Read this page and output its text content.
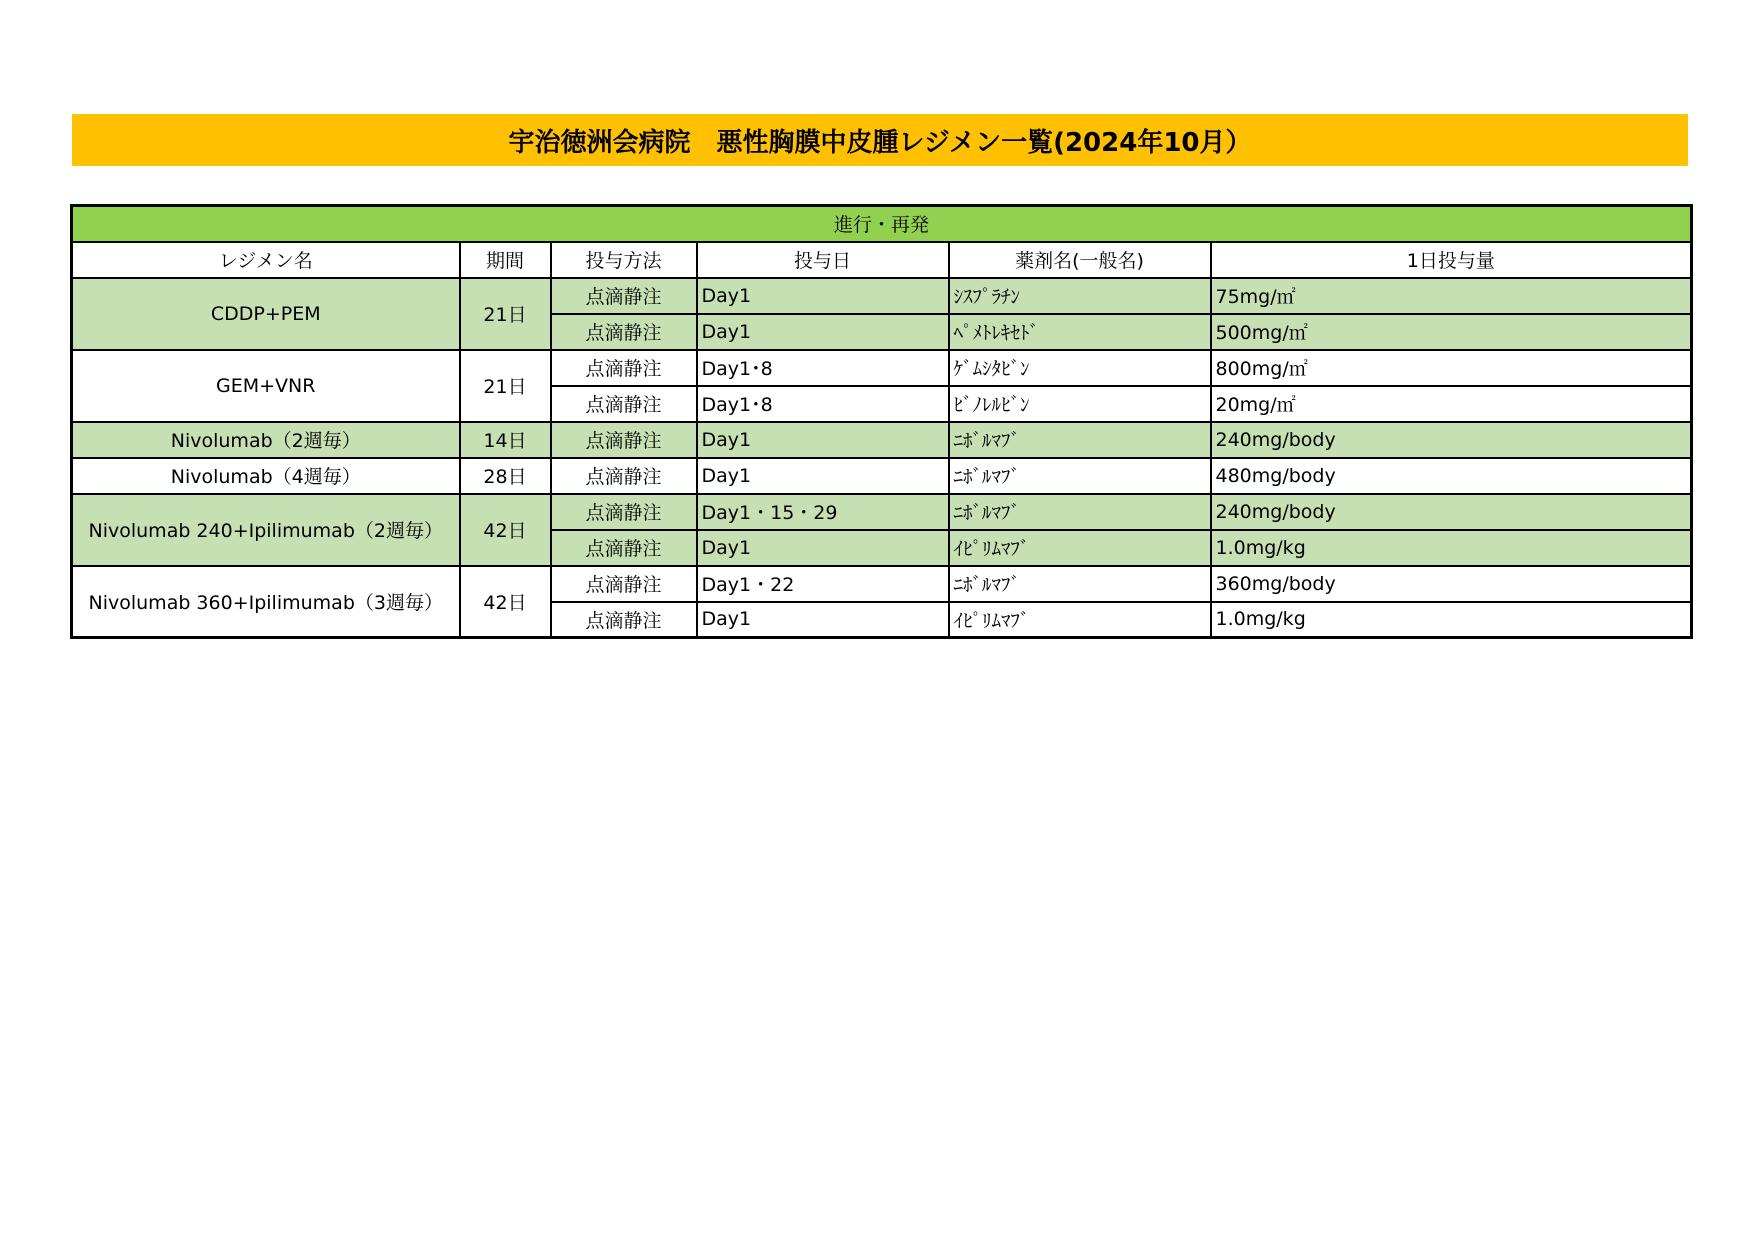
宇治徳洲会病院　悪性胸膜中皮腫レジメン一覧(2024年10月）
進行・再発					
レジメン名	期間	投与方法	投与日	薬剤名(一般名)	1日投与量
CDDP+PEM	21日	点滴静注	Day1	ｼｽﾌﾟﾗﾁﾝ	75mg/㎡
		点滴静注	Day1	ﾍﾟﾒﾄﾚｷｾﾄﾞ	500mg/㎡
GEM+VNR	21日	点滴静注	Day1･8	ｹﾞﾑｼﾀﾋﾞﾝ	800mg/㎡
		点滴静注	Day1･8	ﾋﾞﾉﾚﾙﾋﾞﾝ	20mg/㎡
Nivolumab（2週毎）	14日	点滴静注	Day1	ﾆﾎﾞﾙﾏﾌﾞ	240mg/body
Nivolumab（4週毎）	28日	点滴静注	Day1	ﾆﾎﾞﾙﾏﾌﾞ	480mg/body
Nivolumab 240+Ipilimumab（2週毎）	42日	点滴静注	Day1・15・29	ﾆﾎﾞﾙﾏﾌﾞ	240mg/body
		点滴静注	Day1	ｲﾋﾟﾘﾑﾏﾌﾞ	1.0mg/kg
Nivolumab 360+Ipilimumab（3週毎）	42日	点滴静注	Day1・22	ﾆﾎﾞﾙﾏﾌﾞ	360mg/body
		点滴静注	Day1	ｲﾋﾟﾘﾑﾏﾌﾞ	1.0mg/kg
